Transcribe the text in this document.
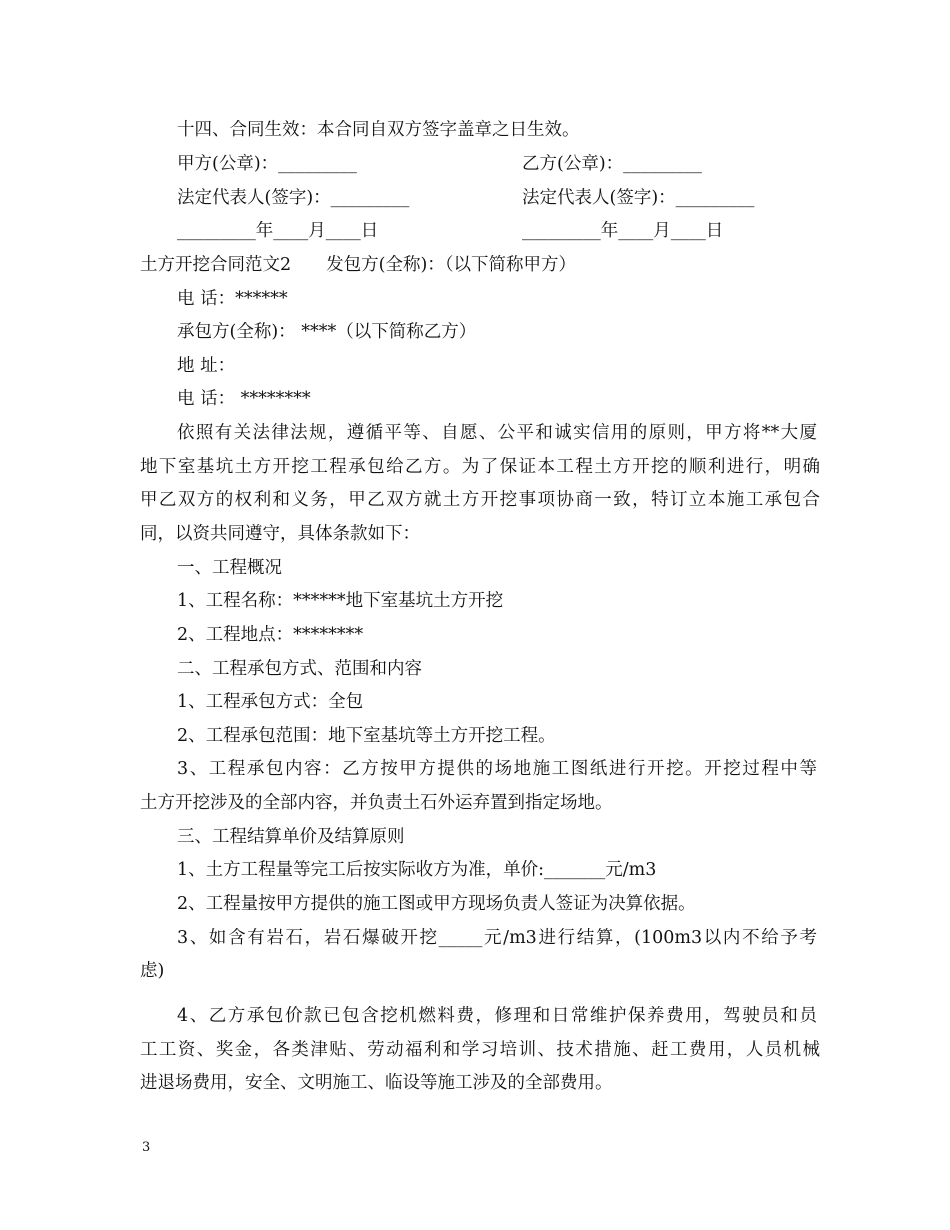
十四、合同生效：本合同自双方签字盖章之日生效。
甲方(公章)：_________	乙方(公章)：_________
法定代表人(签字)：_________	法定代表人(签字)：_________
_________年____月____日	_________年____月____日
土方开挖合同范文2　　发包方(全称)：（以下简称甲方）
电 话：******
承包方(全称)： ****（以下简称乙方）
地 址：
电 话： ********
依照有关法律法规，遵循平等、自愿、公平和诚实信用的原则，甲方将**大厦
地下室基坑土方开挖工程承包给乙方。为了保证本工程土方开挖的顺利进行，明确
甲乙双方的权利和义务，甲乙双方就土方开挖事项协商一致，特订立本施工承包合
同，以资共同遵守，具体条款如下：
一、工程概况
1、工程名称：******地下室基坑土方开挖
2、工程地点：********
二、工程承包方式、范围和内容
1、工程承包方式：全包
2、工程承包范围：地下室基坑等土方开挖工程。
3、工程承包内容：乙方按甲方提供的场地施工图纸进行开挖。开挖过程中等
土方开挖涉及的全部内容，并负责土石外运弃置到指定场地。
三、工程结算单价及结算原则
1、土方工程量等完工后按实际收方为准，单价:_______元/m3
2、工程量按甲方提供的施工图或甲方现场负责人签证为决算依据。
3、如含有岩石，岩石爆破开挖_____元/m3进行结算，(100m3以内不给予考
虑)
4、乙方承包价款已包含挖机燃料费，修理和日常维护保养费用，驾驶员和员
工工资、奖金，各类津贴、劳动福利和学习培训、技术措施、赶工费用，人员机械
进退场费用，安全、文明施工、临设等施工涉及的全部费用。
3
